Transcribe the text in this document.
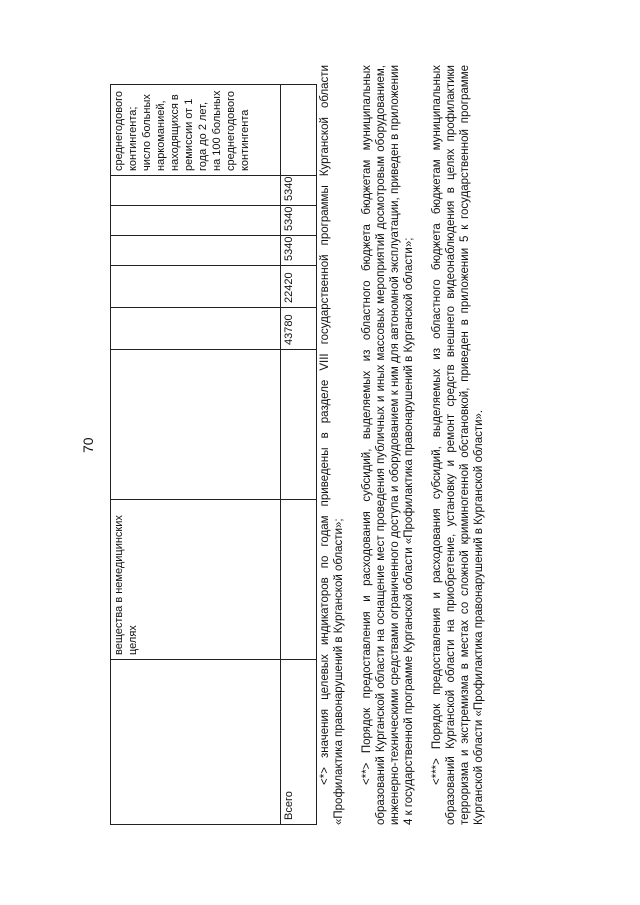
70
	вещества в немедицинских целях							среднегодового контингента; число больных наркоманией, находящихся в ремиссии от 1 года до 2 лет, на 100 больных среднегодового контингента
Всего			43780	22420	5340	5340	5340	<*> значения целевых индикаторов по годам приведены в разделе VIII государственной программы Курганской области «Профилактика правонарушений в Курганской области»; <**> Порядок предоставления и расходования субсидий, выделяемых из областного бюджета бюджетам муниципальных образований Курганской области на оснащение мест проведения публичных и иных массовых мероприятий досмотровым оборудованием, инженерно-техническими средствами ограниченного доступа и оборудованием к ним для автономной эксплуатации, приведен в приложении 4 к государственной программе Курганской области «Профилактика правонарушений в Курганской области»; <***> Порядок предоставления и расходования субсидий, выделяемых из областного бюджета бюджетам муниципальных образований Курганской области на приобретение, установку и ремонт средств внешнего видеонаблюдения в целях профилактики терроризма и экстремизма в местах со сложной криминогенной обстановкой, приведен в приложении 5 к государственной программе Курганской области «Профилактика правонарушений в Курганской области».
